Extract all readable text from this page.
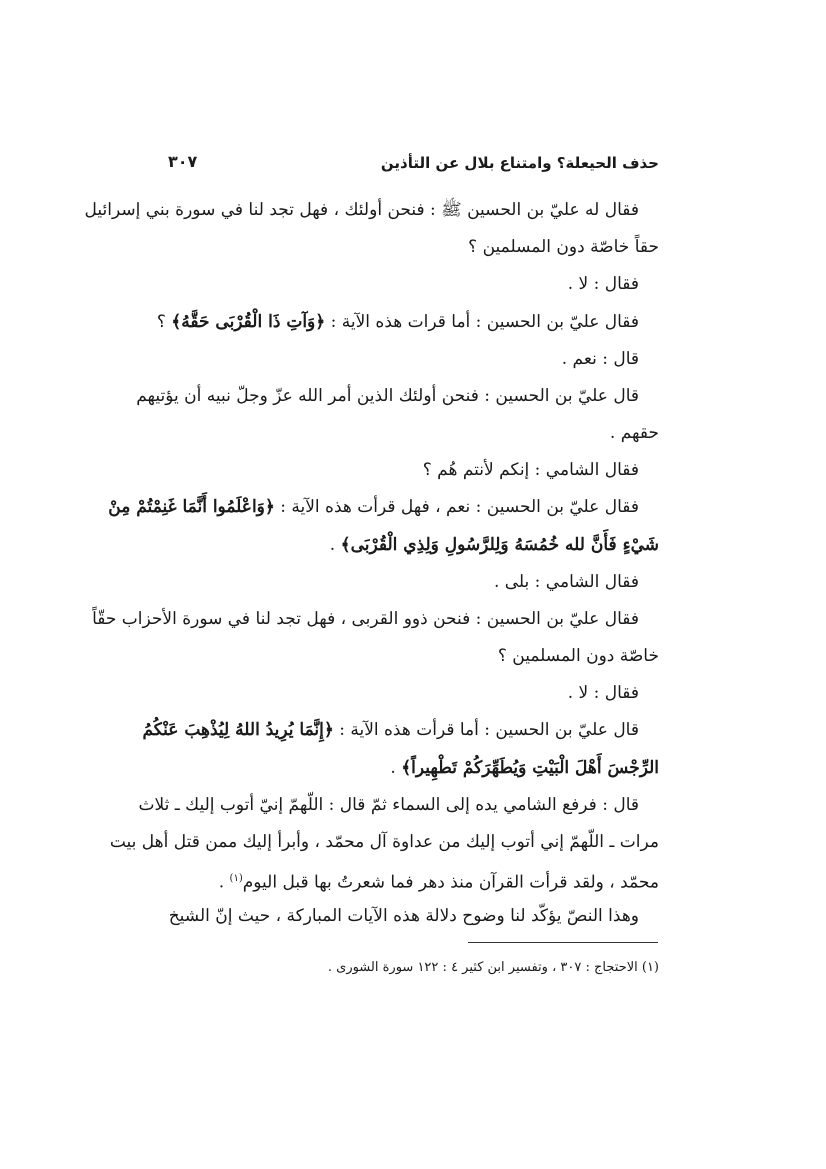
حذف الحيعلة؟ وامتناع بلال عن التأذين
٣٠٧
فقال له عليّ بن الحسين ﷺ : فنحن أولئك ، فهل تجد لنا في سورة بني إسرائيل
حقاً خاصّة دون المسلمين ؟
فقال : لا .
فقال عليّ بن الحسين : أما قرات هذه الآية : ﴿وَآتِ ذَا الْقُرْبَى حَقَّهُ﴾ ؟
قال : نعم .
قال عليّ بن الحسين : فنحن أولئك الذين أمر الله عزّ وجلّ نبيه أن يؤتيهم
حقهم .
فقال الشامي : إنكم لأنتم هُم ؟
فقال عليّ بن الحسين : نعم ، فهل قرأت هذه الآية : ﴿وَاعْلَمُوا أَنَّمَا غَنِمْتُمْ مِنْ
شَيْءٍ فَأَنَّ لله خُمُسَهُ وَلِلرَّسُولِ وَلِذِي الْقُرْبَى﴾ .
فقال الشامي : بلى .
فقال عليّ بن الحسين : فنحن ذوو القربى ، فهل تجد لنا في سورة الأحزاب حقّاً
خاصّة دون المسلمين ؟
فقال : لا .
قال عليّ بن الحسين : أما قرأت هذه الآية : ﴿إِنَّمَا يُرِيدُ اللهُ لِيُذْهِبَ عَنْكُمُ
الرِّجْسَ أَهْلَ الْبَيْتِ وَيُطَهِّرَكُمْ تَطْهِيراً﴾ .
قال : فرفع الشامي يده إلى السماء ثمّ قال : اللّهمّ إنيّ أتوب إليك ـ ثلاث
مرات ـ اللّهمّ إني أتوب إليك من عداوة آل محمّد ، وأبرأ إليك ممن قتل أهل بيت
محمّد ، ولقد قرأت القرآن منذ دهر فما شعرتُ بها قبل اليوم$^{(١)}$ .
وهذا النصّ يؤكّد لنا وضوح دلالة هذه الآيات المباركة ، حيث إنّ الشيخ
(١) الاحتجاج : ٣٠٧ ، وتفسير ابن كثير ٤ : ١٢٢ سورة الشورى .
